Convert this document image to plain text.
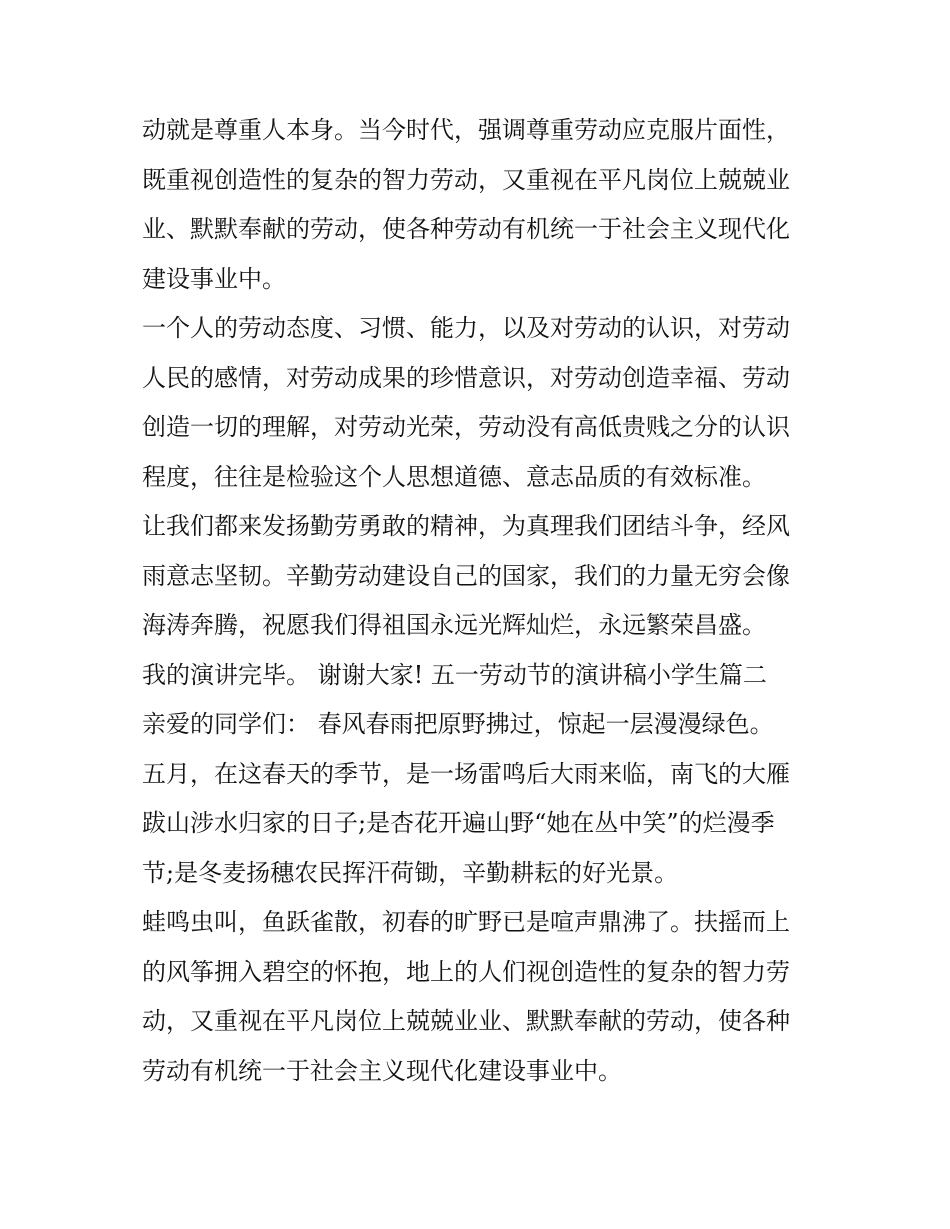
动就是尊重人本身。当今时代，强调尊重劳动应克服片面性，
既重视创造性的复杂的智力劳动，又重视在平凡岗位上兢兢业
业、默默奉献的劳动，使各种劳动有机统一于社会主义现代化
建设事业中。
一个人的劳动态度、习惯、能力，以及对劳动的认识，对劳动
人民的感情，对劳动成果的珍惜意识，对劳动创造幸福、劳动
创造一切的理解，对劳动光荣，劳动没有高低贵贱之分的认识
程度，往往是检验这个人思想道德、意志品质的有效标准。
让我们都来发扬勤劳勇敢的精神，为真理我们团结斗争，经风
雨意志坚韧。辛勤劳动建设自己的国家，我们的力量无穷会像
海涛奔腾，祝愿我们得祖国永远光辉灿烂，永远繁荣昌盛。
我的演讲完毕。 谢谢大家! 五一劳动节的演讲稿小学生篇二
亲爱的同学们： 春风春雨把原野拂过，惊起一层漫漫绿色。
五月，在这春天的季节，是一场雷鸣后大雨来临，南飞的大雁
跋山涉水归家的日子;是杏花开遍山野“她在丛中笑”的烂漫季
节;是冬麦扬穗农民挥汗荷锄，辛勤耕耘的好光景。
蛙鸣虫叫，鱼跃雀散，初春的旷野已是喧声鼎沸了。扶摇而上
的风筝拥入碧空的怀抱，地上的人们视创造性的复杂的智力劳
动，又重视在平凡岗位上兢兢业业、默默奉献的劳动，使各种
劳动有机统一于社会主义现代化建设事业中。
